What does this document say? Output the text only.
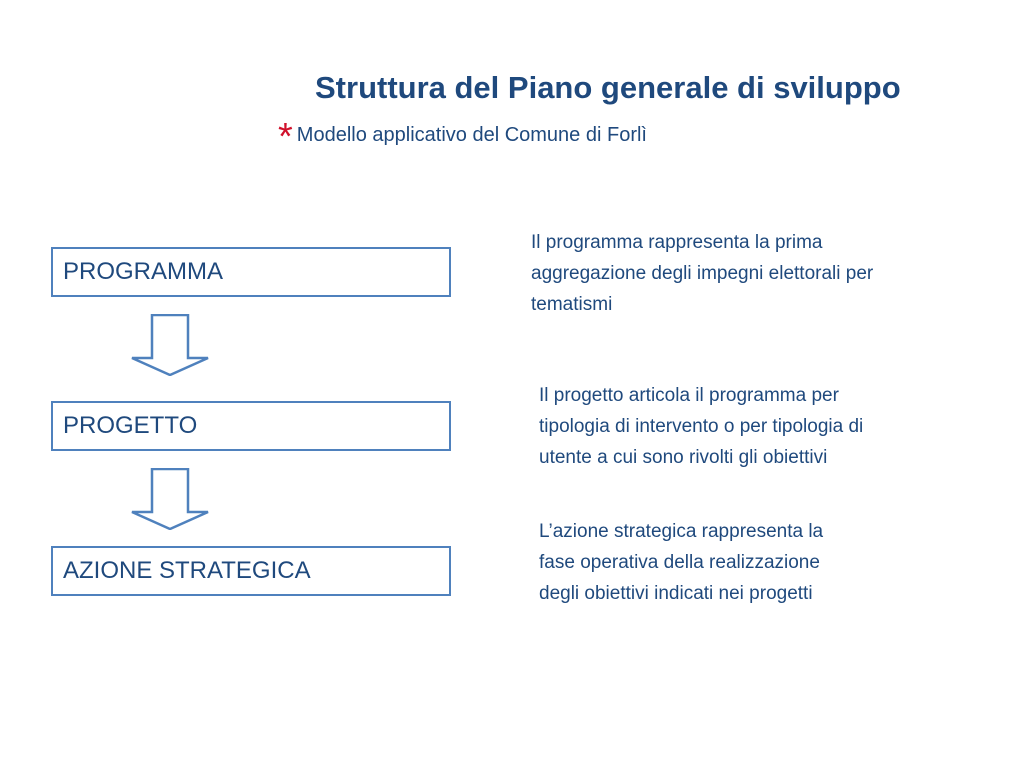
Struttura del Piano generale di sviluppo
* Modello applicativo del Comune di Forlì
PROGRAMMA
PROGETTO
AZIONE STRATEGICA
Il programma rappresenta la prima
aggregazione degli impegni elettorali per
tematismi
Il progetto articola il programma per
tipologia di intervento o per tipologia di
utente a cui sono rivolti gli obiettivi
L’azione strategica rappresenta la
fase operativa della realizzazione
degli obiettivi indicati nei progetti
